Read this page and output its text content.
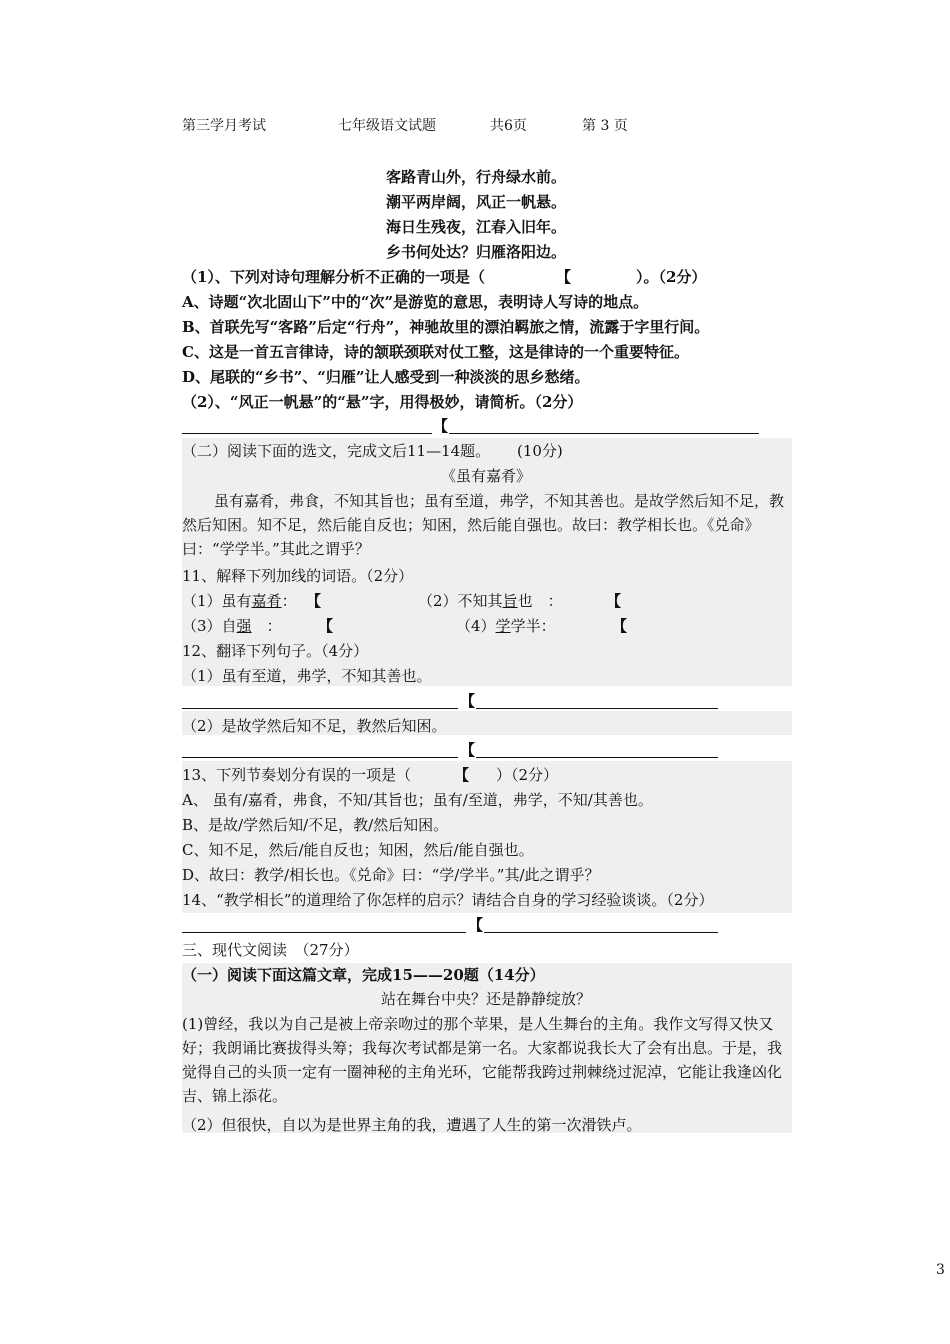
第三学月考试	七年级语文试题	共6页	第 3 页
客路青山外，行舟绿水前。
潮平两岸阔，风正一帆悬。
海日生残夜，江春入旧年。
乡书何处达？归雁洛阳边。
（1）、下列对诗句理解分析不正确的一项是（	【	）。（2分）
A、诗题“次北固山下”中的“次”是游览的意思，表明诗人写诗的地点。
B、首联先写“客路”后定“行舟”，神驰故里的漂泊羁旅之情，流露于字里行间。
C、这是一首五言律诗，诗的颔联颈联对仗工整，这是律诗的一个重要特征。
D、尾联的“乡书”、“归雁”让人感受到一种淡淡的思乡愁绪。
（2）、“风正一帆悬”的“悬”字，用得极妙，请简析。（2分）
【
（二）阅读下面的选文，完成文后11—14题。 (10分)
《虽有嘉肴》
虽有嘉肴，弗食，不知其旨也；虽有至道，弗学，不知其善也。是故学然后知不足，教然后知困。知不足，然后能自反也；知困，然后能自强也。故曰：教学相长也。《兑命》曰：“学学半。”其此之谓乎？
11、解释下列加线的词语。（2分）
（1）虽有嘉肴： 【	（2）不知其旨也　：	【
（3）自强　： 【	（4）学学半：	【
12、翻译下列句子。（4分）
（1）虽有至道，弗学，不知其善也。
【
（2）是故学然后知不足，教然后知困。
【
13、下列节奏划分有误的一项是（	【 ）（2分）
A、 虽有/嘉肴，弗食，不知/其旨也；虽有/至道，弗学，不知/其善也。
B、是故/学然后知/不足，教/然后知困。
C、知不足，然后/能自反也；知困，然后/能自强也。
D、故曰：教学/相长也。《兑命》曰：“学/学半。”其/此之谓乎？
14、“教学相长”的道理给了你怎样的启示？请结合自身的学习经验谈谈。（2分）
【
三、现代文阅读　（27分）
（一）阅读下面这篇文章，完成15——20题（14分）
站在舞台中央？还是静静绽放？
(1)曾经，我以为自己是被上帝亲吻过的那个苹果，是人生舞台的主角。我作文写得又快又好；我朗诵比赛拔得头筹；我每次考试都是第一名。大家都说我长大了会有出息。于是，我觉得自己的头顶一定有一圈神秘的主角光环，它能帮我跨过荆棘绕过泥淖，它能让我逢凶化吉、锦上添花。
（2）但很快，自以为是世界主角的我，遭遇了人生的第一次滑铁卢。
3
